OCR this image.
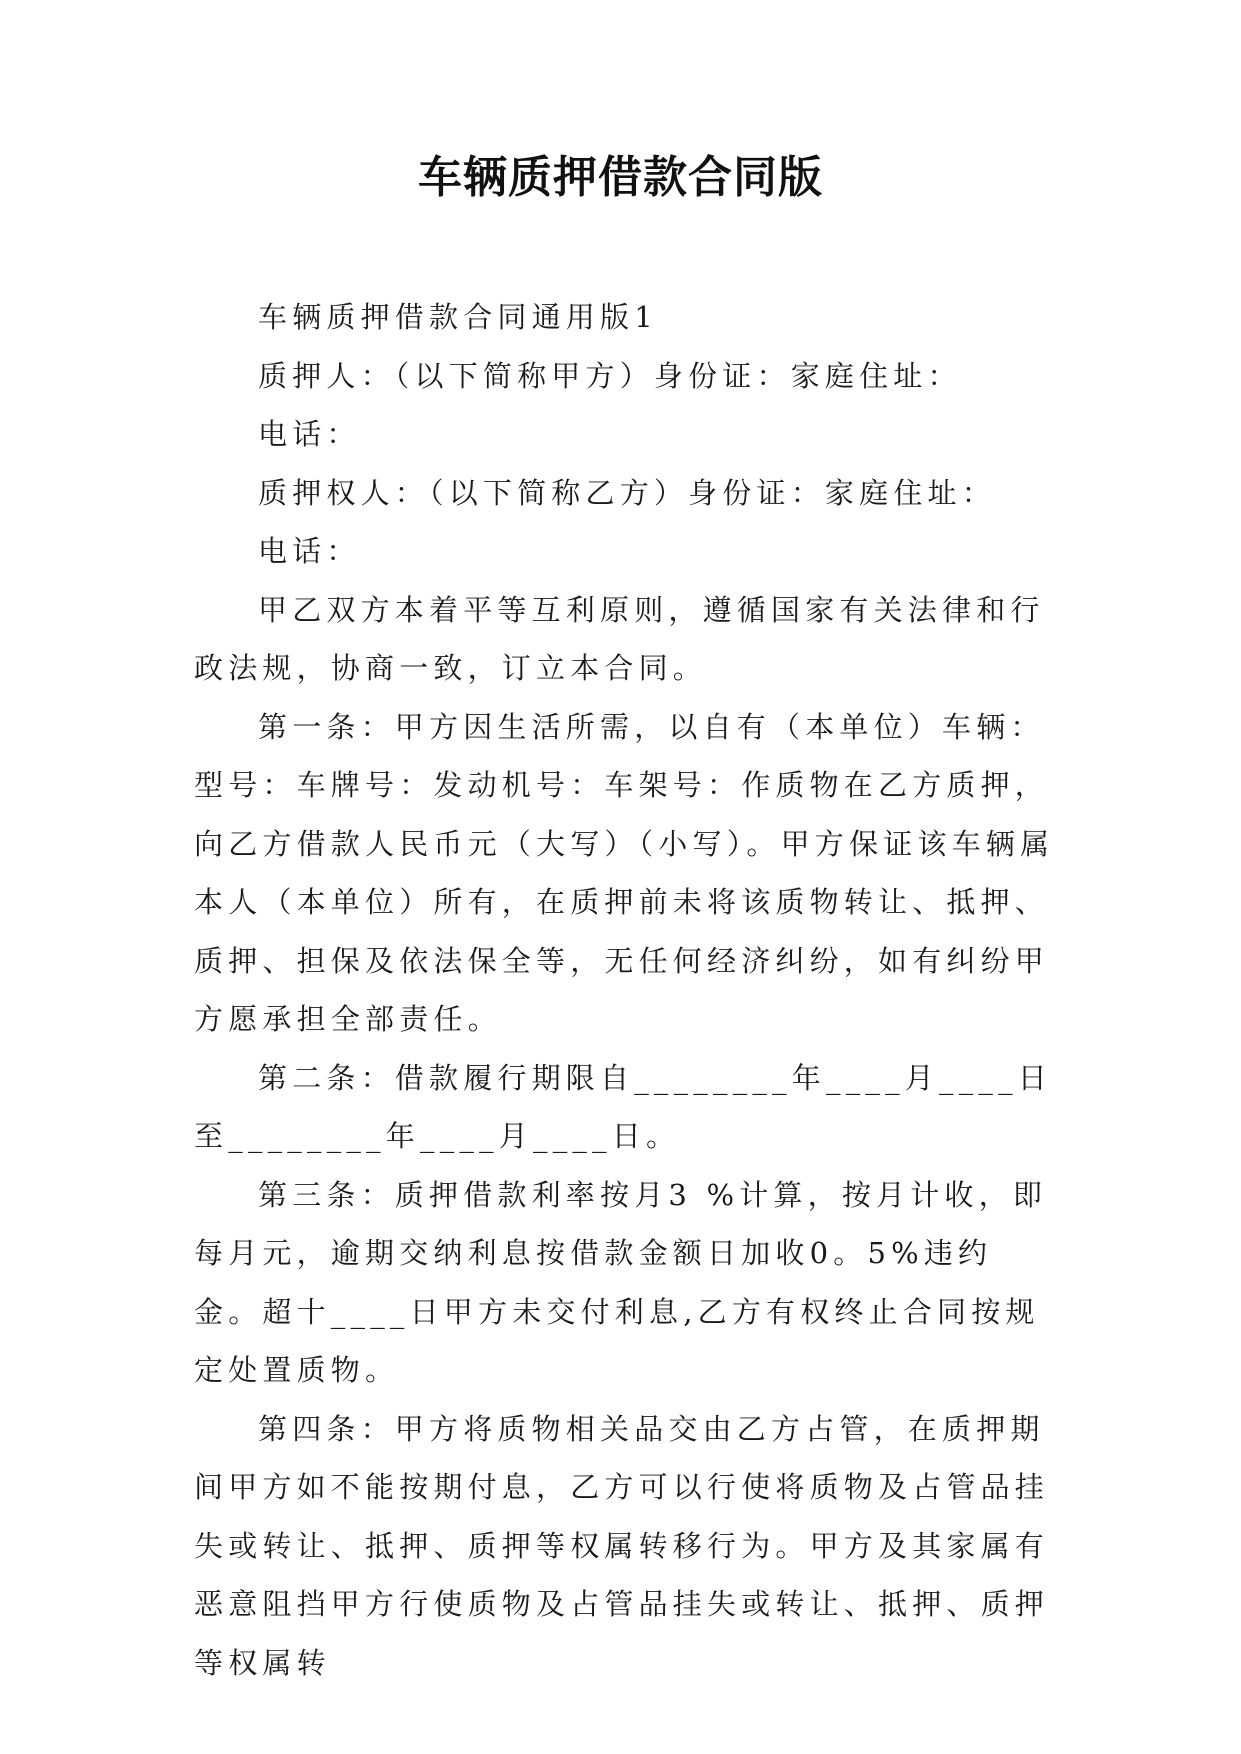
车辆质押借款合同版

车辆质押借款合同通用版1

质押人：（以下简称甲方）身份证：家庭住址：

电话：

质押权人：（以下简称乙方）身份证：家庭住址：

电话：

甲乙双方本着平等互利原则，遵循国家有关法律和行政法规，协商一致，订立本合同。

第一条：甲方因生活所需，以自有（本单位）车辆：型号：车牌号：发动机号：车架号：作质物在乙方质押，向乙方借款人民币元（大写）（小写）。甲方保证该车辆属本人（本单位）所有，在质押前未将该质物转让、抵押、质押、担保及依法保全等，无任何经济纠纷，如有纠纷甲方愿承担全部责任。

第二条：借款履行期限自________年____月____日至________年____月____日。

第三条：质押借款利率按月3 %计算，按月计收，即每月元，逾期交纳利息按借款金额日加收0。5%违约金。超十____日甲方未交付利息,乙方有权终止合同按规定处置质物。

第四条：甲方将质物相关品交由乙方占管，在质押期间甲方如不能按期付息，乙方可以行使将质物及占管品挂失或转让、抵押、质押等权属转移行为。甲方及其家属有恶意阻挡甲方行使质物及占管品挂失或转让、抵押、质押等权属转
